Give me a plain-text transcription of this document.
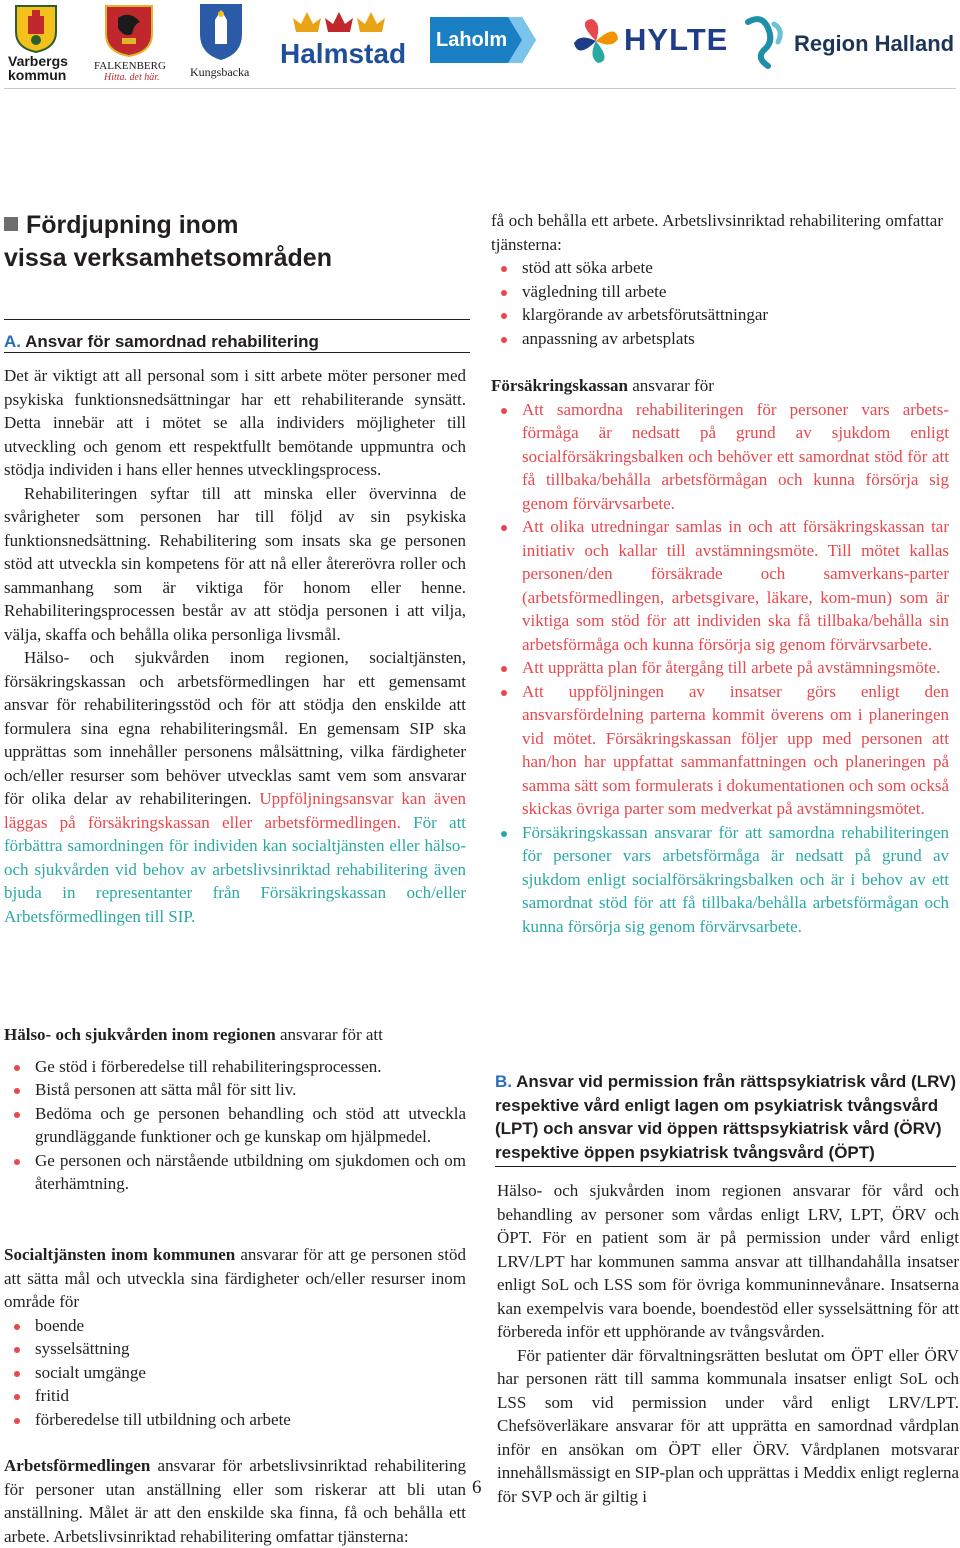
Varbergs
kommun
FALKENBERG
Hitta. det här.	Kungsbacka
Halmstad Laholm	HYLTE	Region Halland
Fördjupning inom
vissa verksamhetsområden
A. Ansvar för samordnad rehabilitering

Det är viktigt att all personal som i sitt arbete möter personer med psykiska funktionsnedsättningar har ett rehabiliterande synsätt. Detta innebär att i mötet se alla individers möjligheter till utveckling och genom ett respektfullt bemötande uppmuntra och stödja individen i hans eller hennes utvecklingsprocess.

Rehabiliteringen syftar till att minska eller övervinna de svårigheter som personen har till följd av sin psykiska funktionsnedsättning. Rehabilitering som insats ska ge personen stöd att utveckla sin kompetens för att nå eller återerövra roller och sammanhang som är viktiga för honom eller henne. Rehabiliteringsprocessen består av att stödja personen i att vilja, välja, skaffa och behålla olika personliga livsmål.

Hälso- och sjukvården inom regionen, socialtjänsten, försäkringskassan och arbetsförmedlingen har ett gemensamt ansvar för rehabiliteringsstöd och för att stödja den enskilde att formulera sina egna rehabiliteringsmål. En gemensam SIP ska upprättas som innehåller personens målsättning, vilka färdigheter och/eller resurser som behöver utvecklas samt vem som ansvarar för olika delar av rehabiliteringen. Uppföljningsansvar kan även läggas på försäkringskassan eller arbetsförmedlingen. För att förbättra samordningen för individen kan socialtjänsten eller hälso- och sjukvården vid behov av arbetslivsinriktad rehabilitering även bjuda in representanter från Försäkringskassan och/eller Arbetsförmedlingen till SIP.

Hälso- och sjukvården inom regionen ansvarar för att

Ge stöd i förberedelse till rehabiliteringsprocessen.
Bistå personen att sätta mål för sitt liv.
Bedöma och ge personen behandling och stöd att utveckla grundläggande funktioner och ge kunskap om hjälpmedel.
Ge personen och närstående utbildning om sjukdomen och om återhämtning.

Socialtjänsten inom kommunen ansvarar för att ge personen stöd att sätta mål och utveckla sina färdigheter och/eller resurser inom område för

boende
sysselsättning
socialt umgänge
fritid
förberedelse till utbildning och arbete

Arbetsförmedlingen ansvarar för arbetslivsinriktad rehabilitering för personer utan anställning eller som riskerar att bli utan anställning. Målet är att den enskilde ska finna, få och behålla ett arbete. Arbetslivsinriktad rehabilitering omfattar tjänsterna:

6

få och behålla ett arbete. Arbetslivsinriktad rehabilitering omfattar tjänsterna:

stöd att söka arbete
vägledning till arbete
klargörande av arbetsförutsättningar
anpassning av arbetsplats

Försäkringskassan ansvarar för

Att samordna rehabiliteringen för personer vars arbets-förmåga är nedsatt på grund av sjukdom enligt socialförsäkringsbalken och behöver ett samordnat stöd för att få tillbaka/behålla arbetsförmågan och kunna försörja sig genom förvärvsarbete.
Att olika utredningar samlas in och att försäkringskassan tar initiativ och kallar till avstämningsmöte. Till mötet kallas personen/den försäkrade och samverkans-parter (arbetsförmedlingen, arbetsgivare, läkare, kom-mun) som är viktiga som stöd för att individen ska få tillbaka/behålla sin arbetsförmåga och kunna försörja sig genom förvärvsarbete.
Att upprätta plan för återgång till arbete på avstämningsmöte.
Att uppföljningen av insatser görs enligt den ansvarsfördelning parterna kommit överens om i planeringen vid mötet. Försäkringskassan följer upp med personen att han/hon har uppfattat sammanfattningen och planeringen på samma sätt som formulerats i dokumentationen och som också skickas övriga parter som medverkat på avstämningsmötet.
Försäkringskassan ansvarar för att samordna rehabiliteringen för personer vars arbetsförmåga är nedsatt på grund av sjukdom enligt socialförsäkringsbalken och är i behov av ett samordnat stöd för att få tillbaka/behålla arbetsförmågan och kunna försörja sig genom förvärvsarbete.
B. Ansvar vid permission från rättspsykiatrisk vård (LRV) respektive vård enligt lagen om psykiatrisk tvångsvård (LPT) och ansvar vid öppen rättspsykiatrisk vård (ÖRV) respektive öppen psykiatrisk tvångsvård (ÖPT)

Hälso- och sjukvården inom regionen ansvarar för vård och behandling av personer som vårdas enligt LRV, LPT, ÖRV och ÖPT. För en patient som är på permission under vård enligt LRV/LPT har kommunen samma ansvar att tillhandahålla insatser enligt SoL och LSS som för övriga kommuninnevånare. Insatserna kan exempelvis vara boende, boendestöd eller sysselsättning för att förbereda inför ett upphörande av tvångsvården.

För patienter där förvaltningsrätten beslutat om ÖPT eller ÖRV har personen rätt till samma kommunala insatser enligt SoL och LSS som vid permission under vård enligt LRV/LPT. Chefsöverläkare ansvarar för att upprätta en samordnad vårdplan inför en ansökan om ÖPT eller ÖRV. Vårdplanen motsvarar innehållsmässigt en SIP-plan och upprättas i Meddix enligt reglerna för SVP och är giltig i
